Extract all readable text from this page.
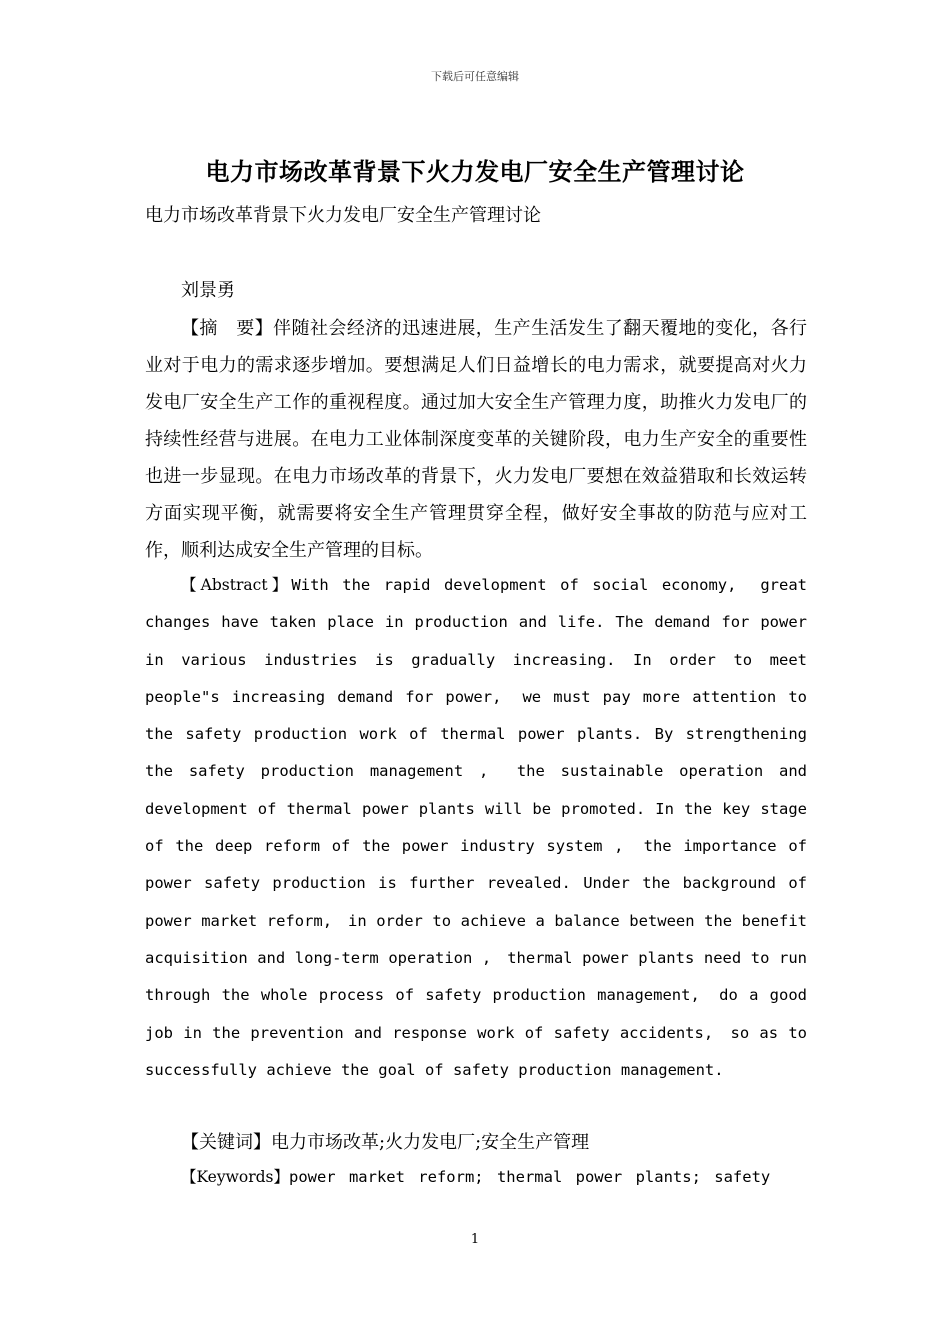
下载后可任意编辑
电力市场改革背景下火力发电厂安全生产管理讨论
电力市场改革背景下火力发电厂安全生产管理讨论
刘景勇

【摘　要】伴随社会经济的迅速进展，生产生活发生了翻天覆地的变化，各行业对于电力的需求逐步增加。要想满足人们日益增长的电力需求，就要提高对火力发电厂安全生产工作的重视程度。通过加大安全生产管理力度，助推火力发电厂的持续性经营与进展。在电力工业体制深度变革的关键阶段，电力生产安全的重要性也进一步显现。在电力市场改革的背景下，火力发电厂要想在效益猎取和长效运转方面实现平衡，就需要将安全生产管理贯穿全程，做好安全事故的防范与应对工作，顺利达成安全生产管理的目标。

【Abstract】With the rapid development of social economy,　great changes have taken place in production and life. The demand for power in various industries is gradually increasing. In order to meet people"s increasing demand for power,　we must pay more attention to the safety production work of thermal power plants. By strengthening the safety production management ,　the sustainable operation and development of thermal power plants will be promoted. In the key stage of the deep reform of the power industry system ,　the importance of power safety production is further revealed. Under the background of power market reform,　in order to achieve a balance between the benefit acquisition and long-term operation ,　thermal power plants need to run through the whole process of safety production management,　do a good job in the prevention and response work of safety accidents,　so as to successfully achieve the goal of safety production management.

【关键词】电力市场改革;火力发电厂;安全生产管理
【Keywords】power market reform; thermal power plants; safety
1
